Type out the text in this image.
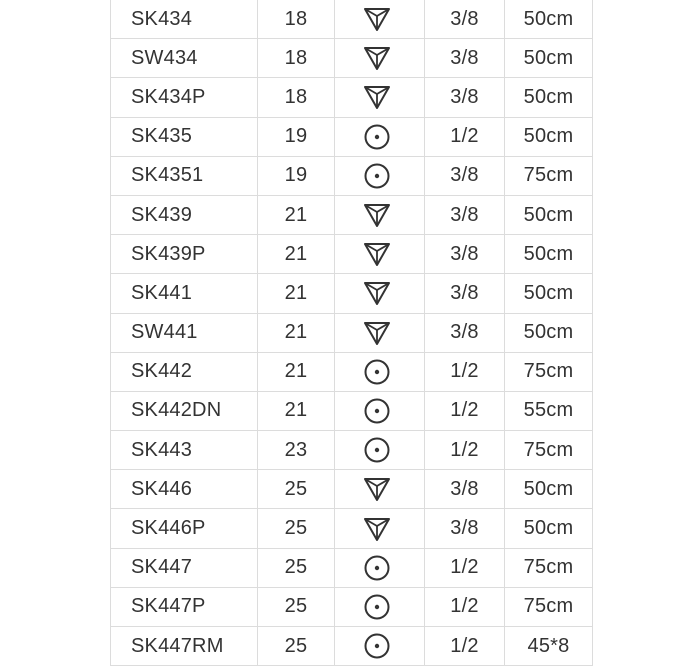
SK434	18	3/8	50cm
SW434	18	3/8	50cm
SK434P	18	3/8	50cm
SK435	19	1/2	50cm
SK4351	19	3/8	75cm
SK439	21	3/8	50cm
SK439P	21	3/8	50cm
SK441	21	3/8	50cm
SW441	21	3/8	50cm
SK442	21	1/2	75cm
SK442DN	21	1/2	55cm
SK443	23	1/2	75cm
SK446	25	3/8	50cm
SK446P	25	3/8	50cm
SK447	25	1/2	75cm
SK447P	25	1/2	75cm
SK447RM	25	1/2	45*8
